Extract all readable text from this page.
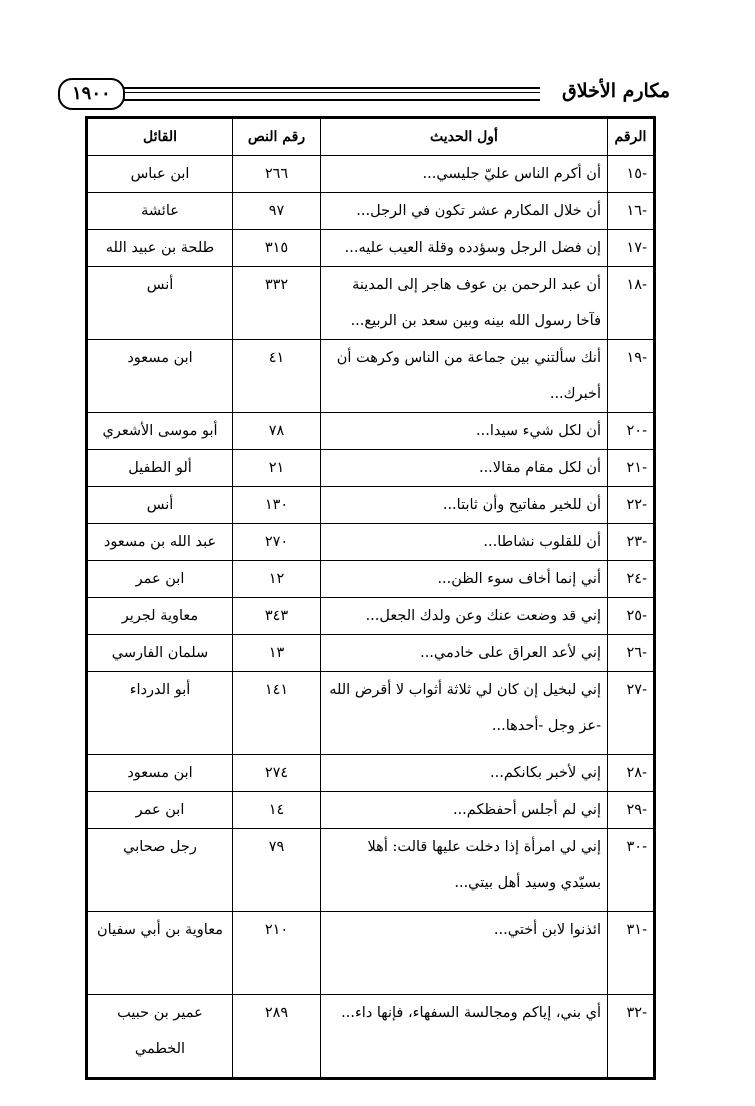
مكارم الأخلاق
١٩٠٠
الرقم	أول الحديث	رقم النص	القائل
-١٥	أن أكرم الناس عليّ جليسي...	٢٦٦	ابن عباس
-١٦	أن خلال المكارم عشر تكون في الرجل...	٩٧	عائشة
-١٧	إن فضل الرجل وسؤدده وقلة العيب عليه...	٣١٥	طلحة بن عبيد الله
-١٨	أن عبد الرحمن بن عوف هاجر إلى المدينة فآخا رسول الله بينه وبين سعد بن الربيع...	٣٣٢	أنس
-١٩	أنك سألتني بين جماعة من الناس وكرهت أن أخبرك...	٤١	ابن مسعود
-٢٠	أن لكل شيء سيدا...	٧٨	أبو موسى الأشعري
-٢١	أن لكل مقام مقالا...	٢١	ألو الطفيل
-٢٢	أن للخير مفاتيح وأن ثابتا...	١٣٠	أنس
-٢٣	أن للقلوب نشاطا...	٢٧٠	عبد الله بن مسعود
-٢٤	أني إنما أخاف سوء الظن...	١٢	ابن عمر
-٢٥	إني قد وضعت عنك وعن ولدك الجعل...	٣٤٣	معاوية لجرير
-٢٦	إني لأعد العراق على خادمي...	١٣	سلمان الفارسي
-٢٧	إني لبخيل إن كان لي ثلاثة أثواب لا أقرض الله -عز وجل -أحدها...	١٤١	أبو الدرداء
-٢٨	إني لأخبر بكانكم...	٢٧٤	ابن مسعود
-٢٩	إني لم أجلس أحفظكم...	١٤	ابن عمر
-٣٠	إني لي امرأة إذا دخلت عليها قالت: أهلا بسيّدي وسيد أهل بيتي...	٧٩	رجل صحابي
-٣١	ائذنوا لابن أختي...	٢١٠	معاوية بن أبي سفيان
-٣٢	أي بني، إياكم ومجالسة السفهاء، فإنها داء...	٢٨٩	عمير بن حبيب الخطمي
